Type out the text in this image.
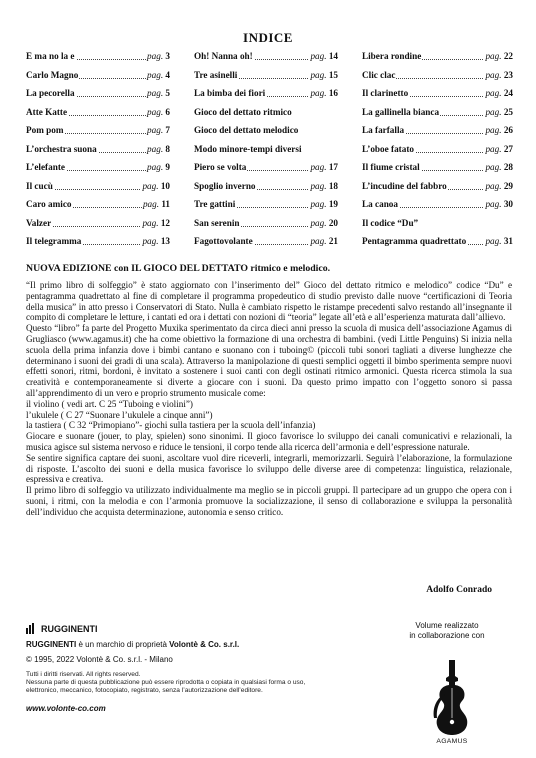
INDICE
E ma no la e	pag. 3
Carlo Magno	pag. 4
La pecorella	pag. 5
Atte Katte	pag. 6
Pom pom	pag. 7
L’orchestra suona	pag. 8
L’elefante	pag. 9
Il cucù	pag. 10
Caro amico	pag. 11
Valzer	pag. 12
Il telegramma	pag. 13
Oh! Nanna oh!	pag. 14
Tre asinelli	pag. 15
La bimba dei fiori	pag. 16
Gioco del dettato ritmico
Gioco del dettato melodico
Modo minore-tempi diversi
Piero se volta	pag. 17
Spoglio inverno	pag. 18
Tre gattini	pag. 19
San serenin	pag. 20
Fagottovolante	pag. 21
Libera rondine	pag. 22
Clic clac	pag. 23
Il clarinetto	pag. 24
La gallinella bianca	pag. 25
La farfalla	pag. 26
L’oboe fatato	pag. 27
Il fiume cristal	pag. 28
L’incudine del fabbro	pag. 29
La canoa	pag. 30
Il codice “Du”
Pentagramma quadrettato pag. 31
NUOVA EDIZIONE con IL GIOCO DEL DETTATO ritmico e melodico.

“Il primo libro di solfeggio” è stato aggiornato con l’inserimento del” Gioco del dettato ritmico e melodico” codice “Du” e pentagramma quadrettato al fine di completare il programma propedeutico di studio previsto dalle nuove “certificazioni di Teoria della musica” in atto presso i Conservatori di Stato. Nulla è cambiato rispetto le ristampe precedenti salvo restando all’insegnante il compito di completare le letture, i cantati ed ora i dettati con nozioni di “teoria” legate all’età e all’esperienza maturata dall’allievo.

Questo “libro” fa parte del Progetto Muxika sperimentato da circa dieci anni presso la scuola di musica dell’associazione Agamus di Grugliasco (www.agamus.it) che ha come obiettivo la formazione di una orchestra di bambini. (vedi Little Penguins) Si inizia nella scuola della prima infanzia dove i bimbi cantano e suonano con i tuboing© (piccoli tubi sonori tagliati a diverse lunghezze che determinano i suoni dei gradi di una scala). Attraverso la manipolazione di questi semplici oggetti il bimbo sperimenta sempre nuovi effetti sonori, ritmi, bordoni, è invitato a sostenere i suoi canti con degli ostinati ritmico armonici. Questa ricerca stimola la sua creatività e contemporaneamente si diverte a giocare con i suoni. Da questo primo impatto con l’oggetto sonoro si passa all’apprendimento di un vero e proprio strumento musicale come:

il violino ( vedi art. C 25 “Tuboing e violini”)

l’ukulele ( C 27 “Suonare l’ukulele a cinque anni”)

la tastiera ( C 32 “Primopiano”- giochi sulla tastiera per la scuola dell’infanzia)

Giocare e suonare (jouer, to play, spielen) sono sinonimi. Il gioco favorisce lo sviluppo dei canali comunicativi e relazionali, la musica agisce sul sistema nervoso e riduce le tensioni, il corpo tende alla ricerca dell’armonia e dell’espressione naturale.

Se sentire significa captare dei suoni, ascoltare vuol dire riceverli, integrarli, memorizzarli. Seguirà l’elaborazione, la formulazione di risposte. L’ascolto dei suoni e della musica favorisce lo sviluppo delle diverse aree di competenza: linguistica, relazionale, espressiva e creativa.

Il primo libro di solfeggio va utilizzato individualmente ma meglio se in piccoli gruppi. Il partecipare ad un gruppo che opera con i suoni, i ritmi, con la melodia e con l’armonia promuove la socializzazione, il senso di collaborazione e sviluppa la personalità dell’individuo che acquista determinazione, autonomia e senso critico.

Adolfo Conrado
RUGGINENTI
RUGGINENTI è un marchio di proprietà Volontè & Co. s.r.l.
© 1995, 2022 Volontè & Co. s.r.l. - Milano
Tutti i diritti riservati. All rights reserved.
Nessuna parte di questa pubblicazione può essere riprodotta o copiata in qualsiasi forma o uso,
elettronico, meccanico, fotocopiato, registrato, senza l’autorizzazione dell’editore.
www.volonte-co.com
Volume realizzato
in collaborazione con
AGAMUS
